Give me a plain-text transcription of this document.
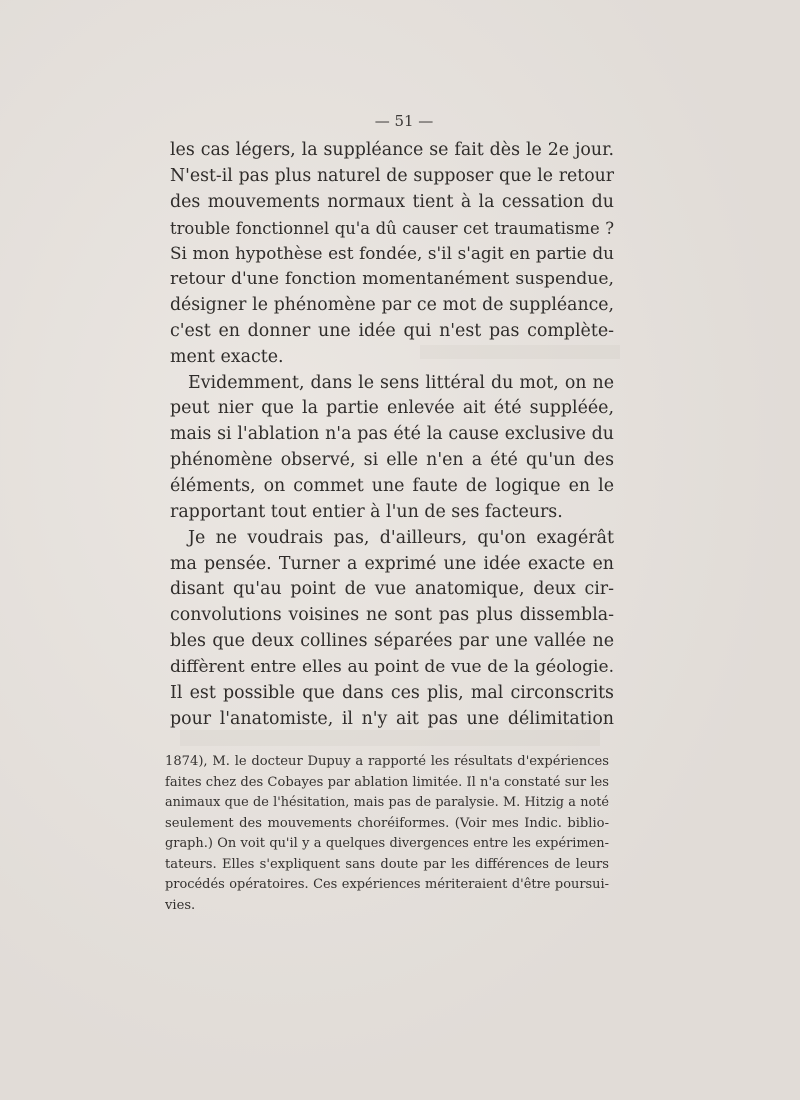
— 51 —
les cas légers, la suppléance se fait dès le 2e jour.
N'est-il pas plus naturel de supposer que le retour
des mouvements normaux tient à la cessation du
trouble fonctionnel qu'a dû causer cet traumatisme ?
Si mon hypothèse est fondée, s'il s'agit en partie du
retour d'une fonction momentanément suspendue,
désigner le phénomène par ce mot de suppléance,
c'est en donner une idée qui n'est pas complète-
ment exacte.
Evidemment, dans le sens littéral du mot, on ne
peut nier que la partie enlevée ait été suppléée,
mais si l'ablation n'a pas été la cause exclusive du
phénomène observé, si elle n'en a été qu'un des
éléments, on commet une faute de logique en le
rapportant tout entier à l'un de ses facteurs.
Je ne voudrais pas, d'ailleurs, qu'on exagérât
ma pensée. Turner a exprimé une idée exacte en
disant qu'au point de vue anatomique, deux cir-
convolutions voisines ne sont pas plus dissembla-
bles que deux collines séparées par une vallée ne
diffèrent entre elles au point de vue de la géologie.
Il est possible que dans ces plis, mal circonscrits
pour l'anatomiste, il n'y ait pas une délimitation
1874), M. le docteur Dupuy a rapporté les résultats d'expériences
faites chez des Cobayes par ablation limitée. Il n'a constaté sur les
animaux que de l'hésitation, mais pas de paralysie. M. Hitzig a noté
seulement des mouvements choréiformes. (Voir mes Indic. biblio-
graph.) On voit qu'il y a quelques divergences entre les expérimen-
tateurs. Elles s'expliquent sans doute par les différences de leurs
procédés opératoires. Ces expériences mériteraient d'être poursui-
vies.
